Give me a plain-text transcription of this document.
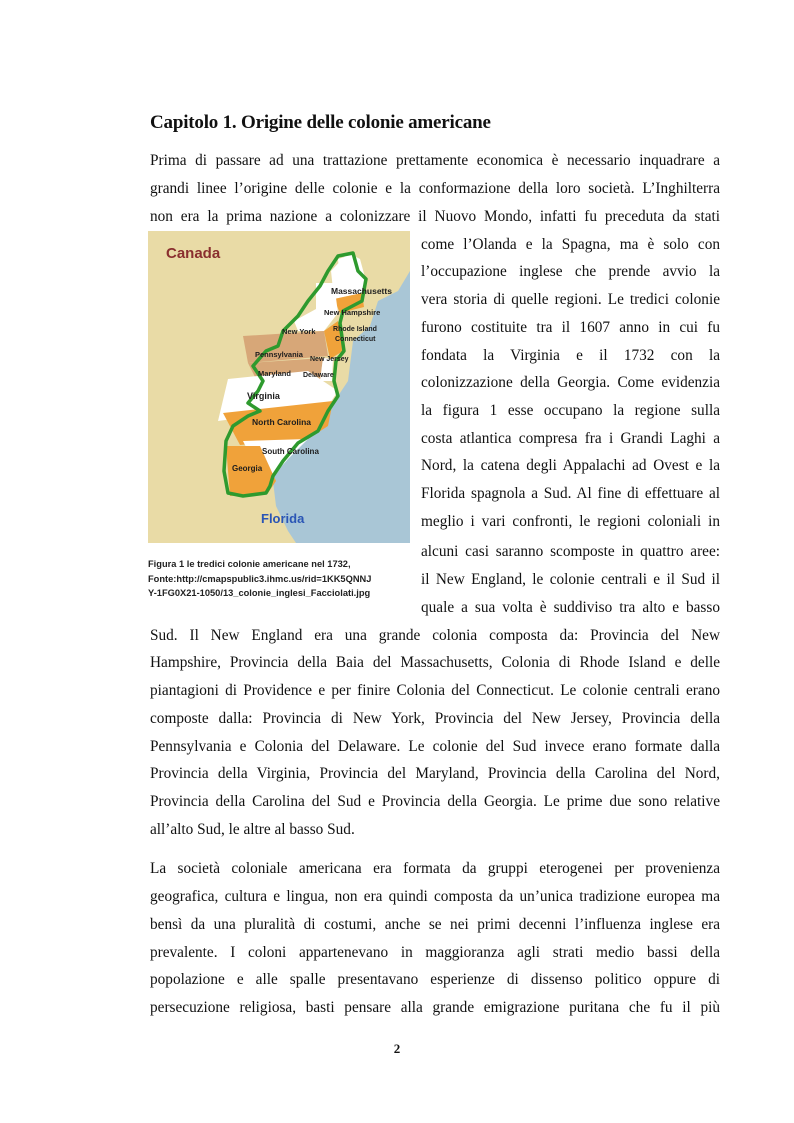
Capitolo 1. Origine delle colonie americane
Prima di passare ad una trattazione prettamente economica è necessario inquadrare a
grandi linee l’origine delle colonie e la conformazione della loro società. L’Inghilterra
non era la prima nazione a colonizzare il Nuovo Mondo, infatti fu preceduta da stati
come l’Olanda e la Spagna, ma è solo con
l’occupazione inglese che prende avvio la
vera storia di quelle regioni. Le tredici colonie
furono costituite tra il 1607 anno in cui fu
fondata la Virginia e il 1732 con la
colonizzazione della Georgia. Come evidenzia
la figura 1 esse occupano la regione sulla
costa atlantica compresa fra i Grandi Laghi a
Nord, la catena degli Appalachi ad Ovest e la
Florida spagnola a Sud. Al fine di effettuare al
meglio i vari confronti, le regioni coloniali in
alcuni casi saranno scomposte in quattro aree:
il New England, le colonie centrali e il Sud il
quale a sua volta è suddiviso tra alto e basso
Sud. Il New England era una grande colonia composta da: Provincia del New
Hampshire, Provincia della Baia del Massachusetts, Colonia di Rhode Island e delle
piantagioni di Providence e per finire Colonia del Connecticut. Le colonie centrali erano
composte dalla: Provincia di New York, Provincia del New Jersey, Provincia della
Pennsylvania e Colonia del Delaware. Le colonie del Sud invece erano formate dalla
Provincia della Virginia, Provincia del Maryland, Provincia della Carolina del Nord,
Provincia della Carolina del Sud e Provincia della Georgia. Le prime due sono relative
all’alto Sud, le altre al basso Sud.
La società coloniale americana era formata da gruppi eterogenei per provenienza
geografica, cultura e lingua, non era quindi composta da un’unica tradizione europea ma
bensì da una pluralità di costumi, anche se nei primi decenni l’influenza inglese era
prevalente. I coloni appartenevano in maggioranza agli strati medio bassi della
popolazione e alle spalle presentavano esperienze di dissenso politico oppure di
persecuzione religiosa, basti pensare alla grande emigrazione puritana che fu il più
Canada
Massachusetts
New Hampshire
New York	Rhode Island
Connecticut
Pennsylvania
New Jersey
Maryland Delaware
Virginia
North Carolina
South Carolina
Georgia
Florida
Figura 1 le tredici colonie americane nel 1732,
Fonte:http://cmapspublic3.ihmc.us/rid=1KK5QNNJ
Y-1FG0X21-1050/13_colonie_inglesi_Facciolati.jpg
2
